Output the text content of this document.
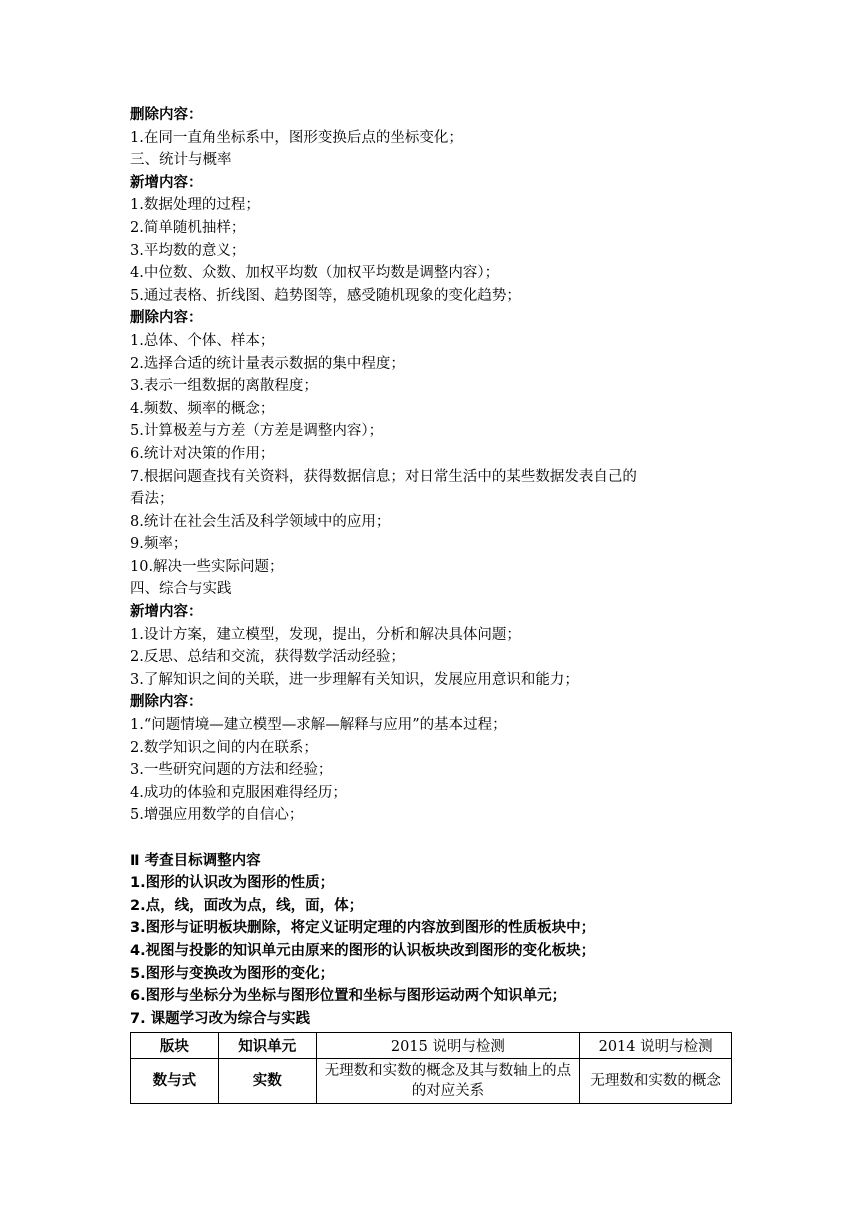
删除内容：
1.在同一直角坐标系中，图形变换后点的坐标变化；
三、统计与概率
新增内容：
1.数据处理的过程；
2.简单随机抽样；
3.平均数的意义；
4.中位数、众数、加权平均数（加权平均数是调整内容）；
5.通过表格、折线图、趋势图等，感受随机现象的变化趋势；
删除内容：
1.总体、个体、样本；
2.选择合适的统计量表示数据的集中程度；
3.表示一组数据的离散程度；
4.频数、频率的概念；
5.计算极差与方差（方差是调整内容）；
6.统计对决策的作用；
7.根据问题查找有关资料，获得数据信息；对日常生活中的某些数据发表自己的
看法；
8.统计在社会生活及科学领域中的应用；
9.频率；
10.解决一些实际问题；
四、综合与实践
新增内容：
1.设计方案，建立模型，发现，提出，分析和解决具体问题；
2.反思、总结和交流，获得数学活动经验；
3.了解知识之间的关联，进一步理解有关知识，发展应用意识和能力；
删除内容：
1.“问题情境—建立模型—求解—解释与应用”的基本过程；
2.数学知识之间的内在联系；
3.一些研究问题的方法和经验；
4.成功的体验和克服困难得经历；
5.增强应用数学的自信心；
Ⅱ 考查目标调整内容
1.图形的认识改为图形的性质；
2.点，线，面改为点，线，面，体；
3.图形与证明板块删除，将定义证明定理的内容放到图形的性质板块中；
4.视图与投影的知识单元由原来的图形的认识板块改到图形的变化板块；
5.图形与变换改为图形的变化；
6.图形与坐标分为坐标与图形位置和坐标与图形运动两个知识单元；
7. 课题学习改为综合与实践
版块	知识单元	2015 说明与检测	2014 说明与检测
数与式	实数	无理数和实数的概念及其与数轴上的点的对应关系	无理数和实数的概念
